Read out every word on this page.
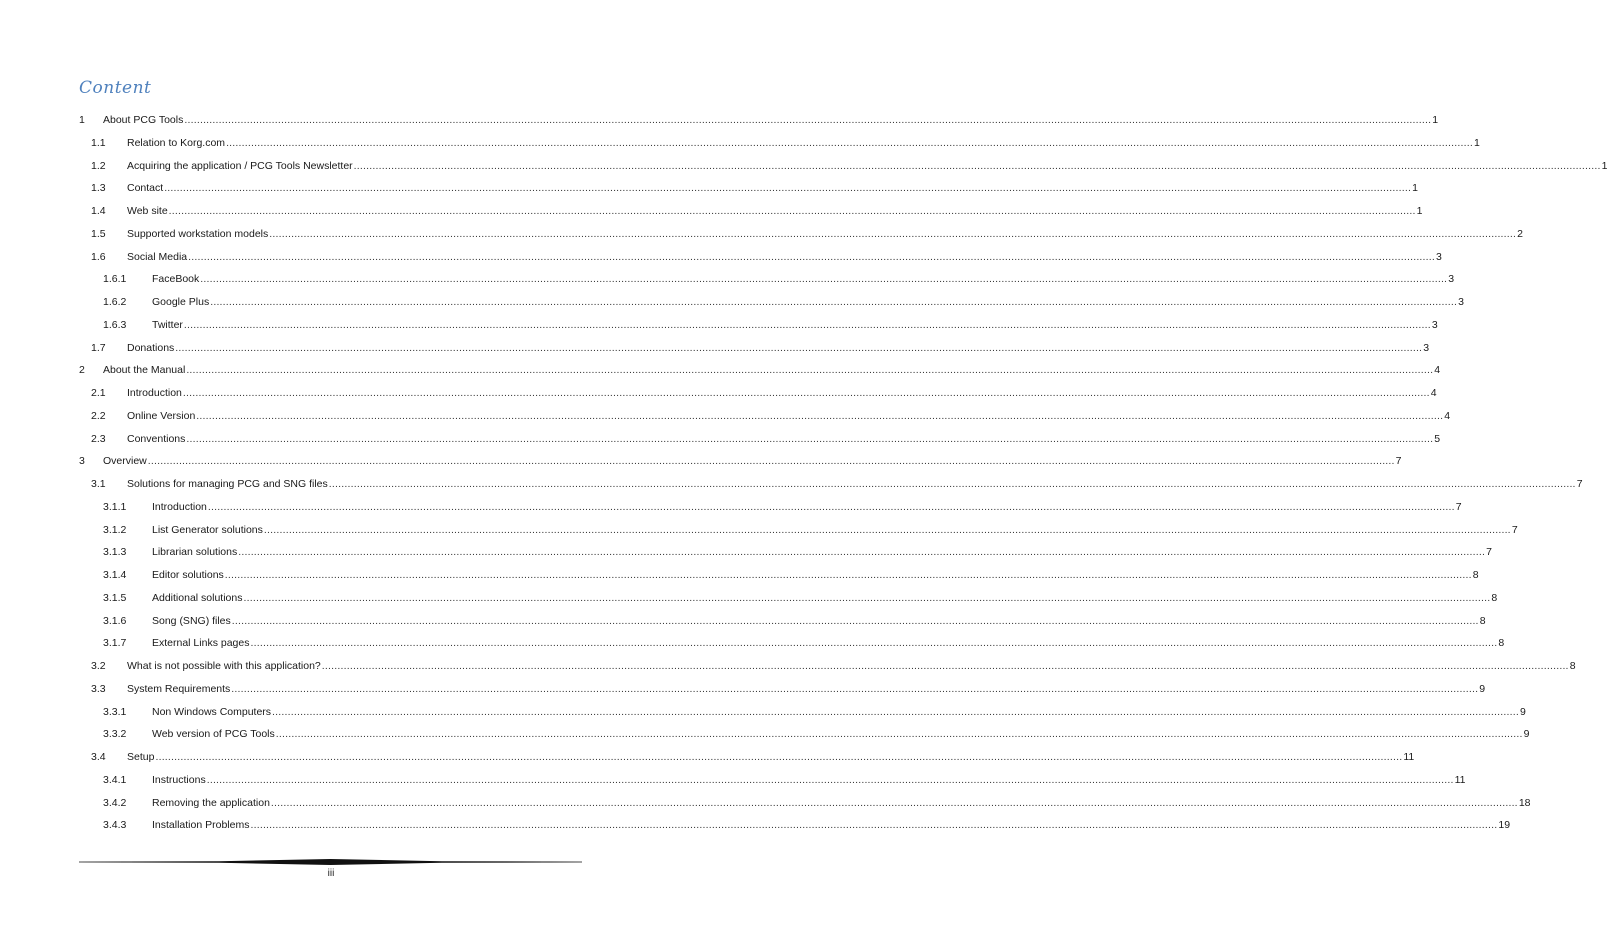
Content
1 About PCG Tools ................................................................................................................................................................................................................................................................................................................................................................................................................ 1
1.1 Relation to Korg.com ................................................................................................................................................................................................................................................................................................................................................................................................................ 1
1.2 Acquiring the application / PCG Tools Newsletter ................................................................................................................................................................................................................................................................................................................................................................................................................ 1
1.3 Contact ................................................................................................................................................................................................................................................................................................................................................................................................................ 1
1.4 Web site ................................................................................................................................................................................................................................................................................................................................................................................................................ 1
1.5 Supported workstation models ................................................................................................................................................................................................................................................................................................................................................................................................................ 2
1.6 Social Media ................................................................................................................................................................................................................................................................................................................................................................................................................ 3
1.6.1 FaceBook ................................................................................................................................................................................................................................................................................................................................................................................................................ 3
1.6.2 Google Plus ................................................................................................................................................................................................................................................................................................................................................................................................................ 3
1.6.3 Twitter ................................................................................................................................................................................................................................................................................................................................................................................................................ 3
1.7 Donations ................................................................................................................................................................................................................................................................................................................................................................................................................ 3
2 About the Manual ................................................................................................................................................................................................................................................................................................................................................................................................................ 4
2.1 Introduction ................................................................................................................................................................................................................................................................................................................................................................................................................ 4
2.2 Online Version ................................................................................................................................................................................................................................................................................................................................................................................................................ 4
2.3 Conventions ................................................................................................................................................................................................................................................................................................................................................................................................................ 5
3 Overview ................................................................................................................................................................................................................................................................................................................................................................................................................ 7
3.1 Solutions for managing PCG and SNG files ................................................................................................................................................................................................................................................................................................................................................................................................................ 7
3.1.1 Introduction ................................................................................................................................................................................................................................................................................................................................................................................................................ 7
3.1.2 List Generator solutions ................................................................................................................................................................................................................................................................................................................................................................................................................ 7
3.1.3 Librarian solutions ................................................................................................................................................................................................................................................................................................................................................................................................................ 7
3.1.4 Editor solutions ................................................................................................................................................................................................................................................................................................................................................................................................................ 8
3.1.5 Additional solutions ................................................................................................................................................................................................................................................................................................................................................................................................................ 8
3.1.6 Song (SNG) files ................................................................................................................................................................................................................................................................................................................................................................................................................ 8
3.1.7 External Links pages ................................................................................................................................................................................................................................................................................................................................................................................................................ 8
3.2 What is not possible with this application? ................................................................................................................................................................................................................................................................................................................................................................................................................ 8
3.3 System Requirements ................................................................................................................................................................................................................................................................................................................................................................................................................ 9
3.3.1 Non Windows Computers ................................................................................................................................................................................................................................................................................................................................................................................................................ 9
3.3.2 Web version of PCG Tools ................................................................................................................................................................................................................................................................................................................................................................................................................ 9
3.4 Setup ................................................................................................................................................................................................................................................................................................................................................................................................................ 11
3.4.1 Instructions ................................................................................................................................................................................................................................................................................................................................................................................................................ 11
3.4.2 Removing the application ................................................................................................................................................................................................................................................................................................................................................................................................................ 18
3.4.3 Installation Problems ................................................................................................................................................................................................................................................................................................................................................................................................................ 19
iii
